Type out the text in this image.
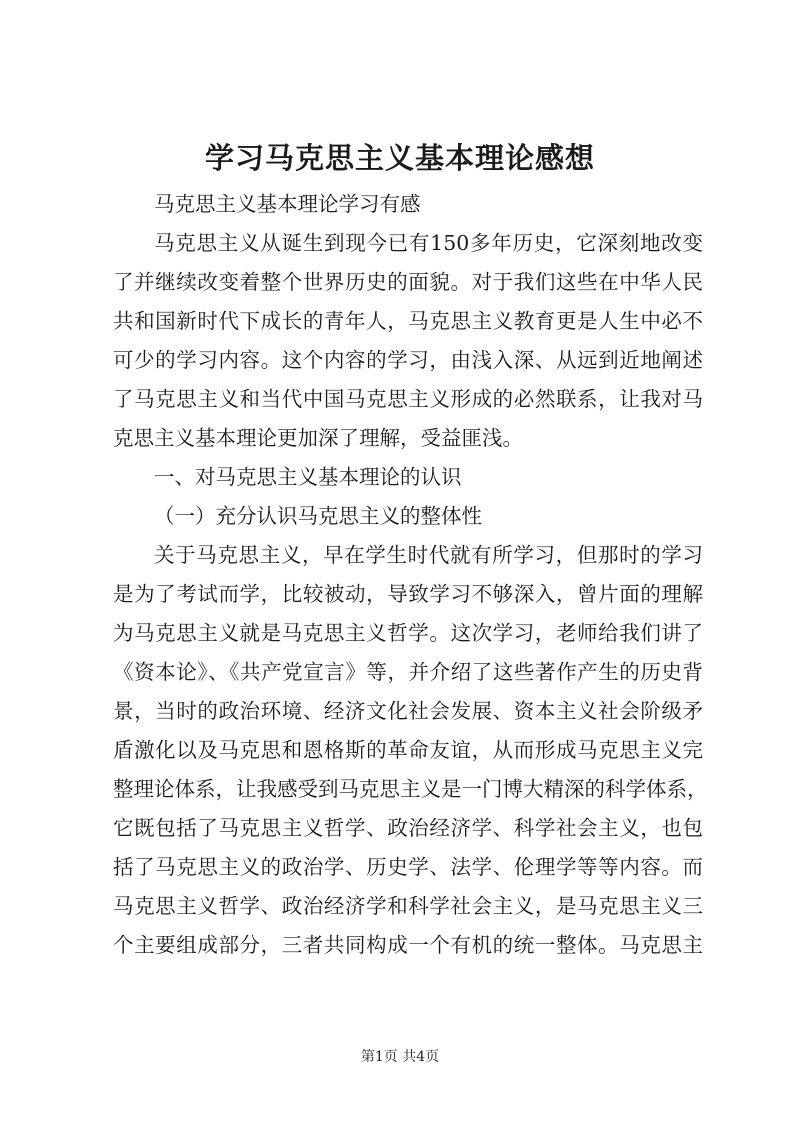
学习马克思主义基本理论感想
马克思主义基本理论学习有感
马克思主义从诞生到现今已有150多年历史，它深刻地改变
了并继续改变着整个世界历史的面貌。对于我们这些在中华人民
共和国新时代下成长的青年人，马克思主义教育更是人生中必不
可少的学习内容。这个内容的学习，由浅入深、从远到近地阐述
了马克思主义和当代中国马克思主义形成的必然联系，让我对马
克思主义基本理论更加深了理解，受益匪浅。
一、对马克思主义基本理论的认识
（一）充分认识马克思主义的整体性
关于马克思主义，早在学生时代就有所学习，但那时的学习
是为了考试而学，比较被动，导致学习不够深入，曾片面的理解
为马克思主义就是马克思主义哲学。这次学习，老师给我们讲了
《资本论》、《共产党宣言》等，并介绍了这些著作产生的历史背
景，当时的政治环境、经济文化社会发展、资本主义社会阶级矛
盾激化以及马克思和恩格斯的革命友谊，从而形成马克思主义完
整理论体系，让我感受到马克思主义是一门博大精深的科学体系，
它既包括了马克思主义哲学、政治经济学、科学社会主义，也包
括了马克思主义的政治学、历史学、法学、伦理学等等内容。而
马克思主义哲学、政治经济学和科学社会主义，是马克思主义三
个主要组成部分，三者共同构成一个有机的统一整体。马克思主
第1页 共4页
